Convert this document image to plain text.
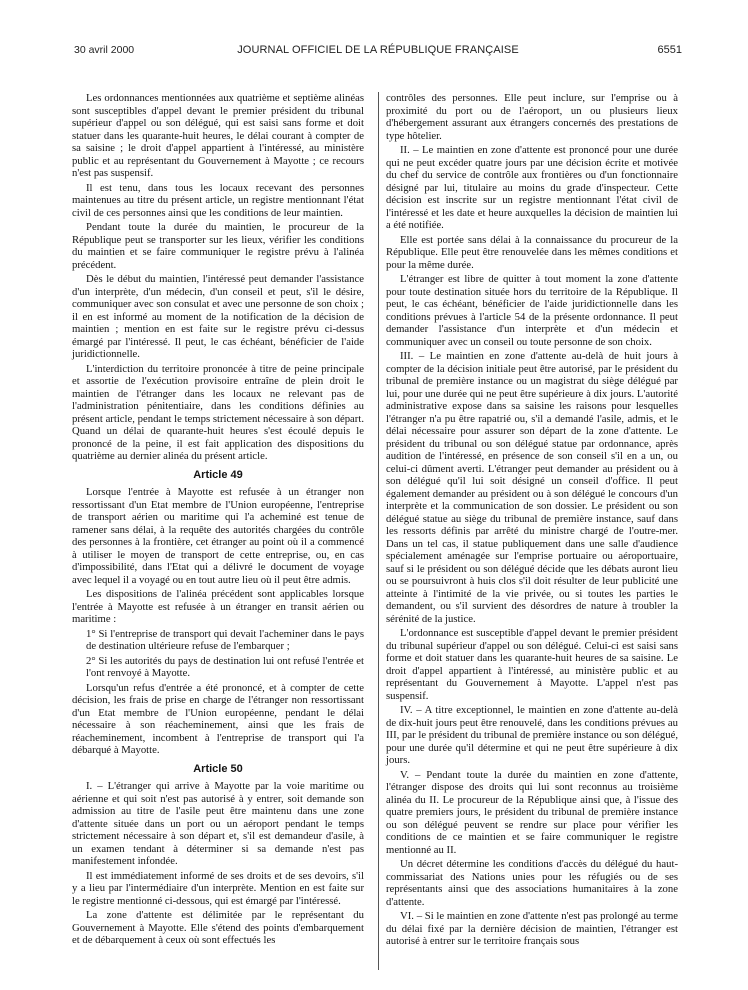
30 avril 2000	JOURNAL OFFICIEL DE LA RÉPUBLIQUE FRANÇAISE	6551

Les ordonnances mentionnées aux quatrième et septième alinéas sont susceptibles d'appel devant le premier président du tribunal supérieur d'appel ou son délégué, qui est saisi sans forme et doit statuer dans les quarante-huit heures, le délai courant à compter de sa saisine ; le droit d'appel appartient à l'intéressé, au ministère public et au représentant du Gouvernement à Mayotte ; ce recours n'est pas suspensif.

Il est tenu, dans tous les locaux recevant des personnes maintenues au titre du présent article, un registre mentionnant l'état civil de ces personnes ainsi que les conditions de leur maintien.

Pendant toute la durée du maintien, le procureur de la République peut se transporter sur les lieux, vérifier les conditions du maintien et se faire communiquer le registre prévu à l'alinéa précédent.

Dès le début du maintien, l'intéressé peut demander l'assistance d'un interprète, d'un médecin, d'un conseil et peut, s'il le désire, communiquer avec son consulat et avec une personne de son choix ; il en est informé au moment de la notification de la décision de maintien ; mention en est faite sur le registre prévu ci-dessus émargé par l'intéressé. Il peut, le cas échéant, bénéficier de l'aide juridictionnelle.

L'interdiction du territoire prononcée à titre de peine principale et assortie de l'exécution provisoire entraîne de plein droit le maintien de l'étranger dans les locaux ne relevant pas de l'administration pénitentiaire, dans les conditions définies au présent article, pendant le temps strictement nécessaire à son départ. Quand un délai de quarante-huit heures s'est écoulé depuis le prononcé de la peine, il est fait application des dispositions du quatrième au dernier alinéa du présent article.

Article 49

Lorsque l'entrée à Mayotte est refusée à un étranger non ressortissant d'un Etat membre de l'Union européenne, l'entreprise de transport aérien ou maritime qui l'a acheminé est tenue de ramener sans délai, à la requête des autorités chargées du contrôle des personnes à la frontière, cet étranger au point où il a commencé à utiliser le moyen de transport de cette entreprise, ou, en cas d'impossibilité, dans l'Etat qui a délivré le document de voyage avec lequel il a voyagé ou en tout autre lieu où il peut être admis.

Les dispositions de l'alinéa précédent sont applicables lorsque l'entrée à Mayotte est refusée à un étranger en transit aérien ou maritime :

1° Si l'entreprise de transport qui devait l'acheminer dans le pays de destination ultérieure refuse de l'embarquer ;

2° Si les autorités du pays de destination lui ont refusé l'entrée et l'ont renvoyé à Mayotte.

Lorsqu'un refus d'entrée a été prononcé, et à compter de cette décision, les frais de prise en charge de l'étranger non ressortissant d'un Etat membre de l'Union européenne, pendant le délai nécessaire à son réacheminement, ainsi que les frais de réacheminement, incombent à l'entreprise de transport qui l'a débarqué à Mayotte.

Article 50

I. – L'étranger qui arrive à Mayotte par la voie maritime ou aérienne et qui soit n'est pas autorisé à y entrer, soit demande son admission au titre de l'asile peut être maintenu dans une zone d'attente située dans un port ou un aéroport pendant le temps strictement nécessaire à son départ et, s'il est demandeur d'asile, à un examen tendant à déterminer si sa demande n'est pas manifestement infondée.

Il est immédiatement informé de ses droits et de ses devoirs, s'il y a lieu par l'intermédiaire d'un interprète. Mention en est faite sur le registre mentionné ci-dessous, qui est émargé par l'intéressé.

La zone d'attente est délimitée par le représentant du Gouvernement à Mayotte. Elle s'étend des points d'embarquement et de débarquement à ceux où sont effectués les

contrôles des personnes. Elle peut inclure, sur l'emprise ou à proximité du port ou de l'aéroport, un ou plusieurs lieux d'hébergement assurant aux étrangers concernés des prestations de type hôtelier.

II. – Le maintien en zone d'attente est prononcé pour une durée qui ne peut excéder quatre jours par une décision écrite et motivée du chef du service de contrôle aux frontières ou d'un fonctionnaire désigné par lui, titulaire au moins du grade d'inspecteur. Cette décision est inscrite sur un registre mentionnant l'état civil de l'intéressé et les date et heure auxquelles la décision de maintien lui a été notifiée.

Elle est portée sans délai à la connaissance du procureur de la République. Elle peut être renouvelée dans les mêmes conditions et pour la même durée.

L'étranger est libre de quitter à tout moment la zone d'attente pour toute destination située hors du territoire de la République. Il peut, le cas échéant, bénéficier de l'aide juridictionnelle dans les conditions prévues à l'article 54 de la présente ordonnance. Il peut demander l'assistance d'un interprète et d'un médecin et communiquer avec un conseil ou toute personne de son choix.

III. – Le maintien en zone d'attente au-delà de huit jours à compter de la décision initiale peut être autorisé, par le président du tribunal de première instance ou un magistrat du siège délégué par lui, pour une durée qui ne peut être supérieure à dix jours. L'autorité administrative expose dans sa saisine les raisons pour lesquelles l'étranger n'a pu être rapatrié ou, s'il a demandé l'asile, admis, et le délai nécessaire pour assurer son départ de la zone d'attente. Le président du tribunal ou son délégué statue par ordonnance, après audition de l'intéressé, en présence de son conseil s'il en a un, ou celui-ci dûment averti. L'étranger peut demander au président ou à son délégué qu'il lui soit désigné un conseil d'office. Il peut également demander au président ou à son délégué le concours d'un interprète et la communication de son dossier. Le président ou son délégué statue au siège du tribunal de première instance, sauf dans les ressorts définis par arrêté du ministre chargé de l'outre-mer. Dans un tel cas, il statue publiquement dans une salle d'audience spécialement aménagée sur l'emprise portuaire ou aéroportuaire, sauf si le président ou son délégué décide que les débats auront lieu ou se poursuivront à huis clos s'il doit résulter de leur publicité une atteinte à l'intimité de la vie privée, ou si toutes les parties le demandent, ou s'il survient des désordres de nature à troubler la sérénité de la justice.

L'ordonnance est susceptible d'appel devant le premier président du tribunal supérieur d'appel ou son délégué. Celui-ci est saisi sans forme et doit statuer dans les quarante-huit heures de sa saisine. Le droit d'appel appartient à l'intéressé, au ministère public et au représentant du Gouvernement à Mayotte. L'appel n'est pas suspensif.

IV. – A titre exceptionnel, le maintien en zone d'attente au-delà de dix-huit jours peut être renouvelé, dans les conditions prévues au III, par le président du tribunal de première instance ou son délégué, pour une durée qu'il détermine et qui ne peut être supérieure à dix jours.

V. – Pendant toute la durée du maintien en zone d'attente, l'étranger dispose des droits qui lui sont reconnus au troisième alinéa du II. Le procureur de la République ainsi que, à l'issue des quatre premiers jours, le président du tribunal de première instance ou son délégué peuvent se rendre sur place pour vérifier les conditions de ce maintien et se faire communiquer le registre mentionné au II.

Un décret détermine les conditions d'accès du délégué du haut-commissariat des Nations unies pour les réfugiés ou de ses représentants ainsi que des associations humanitaires à la zone d'attente.

VI. – Si le maintien en zone d'attente n'est pas prolongé au terme du délai fixé par la dernière décision de maintien, l'étranger est autorisé à entrer sur le territoire français sous
